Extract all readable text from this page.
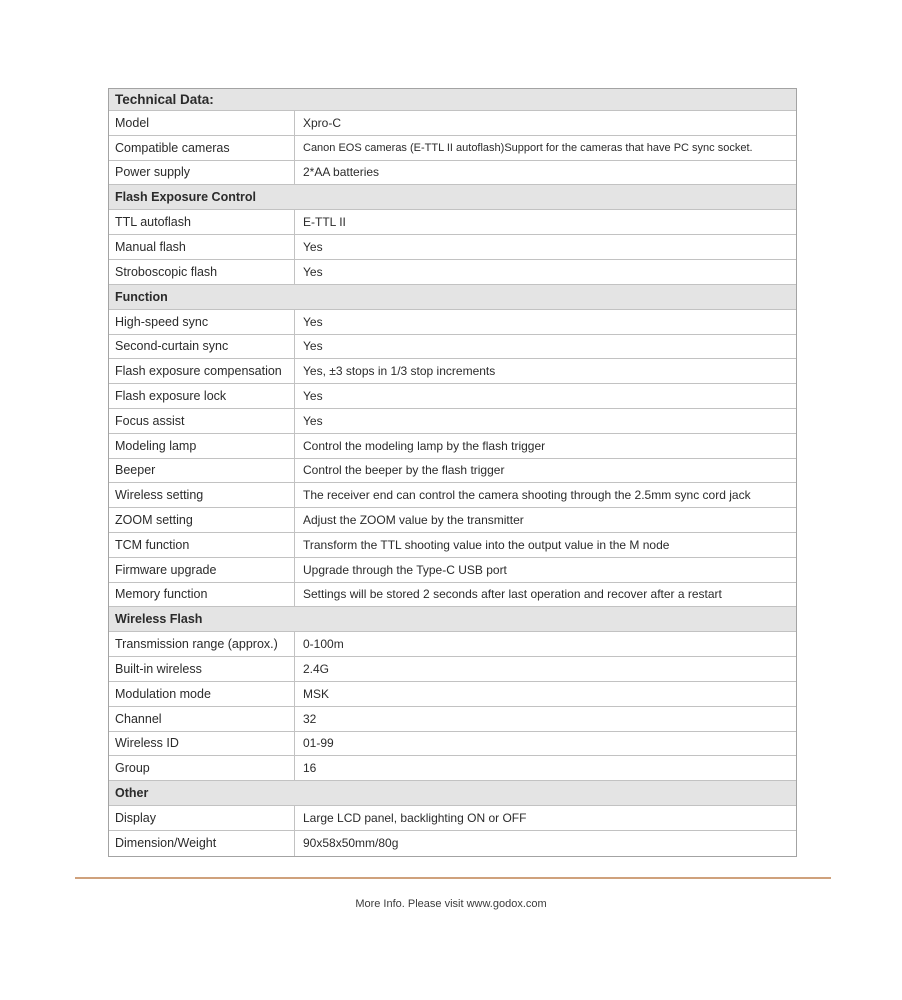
Technical Data:
Model	Xpro-C
Compatible cameras	Canon EOS cameras (E-TTL II autoflash)Support for the cameras that have PC sync socket.
Power supply	2*AA batteries
Flash Exposure Control
TTL autoflash	E-TTL II
Manual flash	Yes
Stroboscopic flash	Yes
Function
High-speed sync	Yes
Second-curtain sync	Yes
Flash exposure compensation	Yes, ±3 stops in 1/3 stop increments
Flash exposure lock	Yes
Focus assist	Yes
Modeling lamp	Control the modeling lamp by the flash trigger
Beeper	Control the beeper by the flash trigger
Wireless setting	The receiver end can control the camera shooting through the 2.5mm sync cord jack
ZOOM setting	Adjust the ZOOM value by the transmitter
TCM function	Transform the TTL shooting value into the output value in the M node
Firmware upgrade	Upgrade through the Type-C USB port
Memory function	Settings will be stored 2 seconds after last operation and recover after a restart
Wireless Flash
Transmission range (approx.)	0-100m
Built-in wireless	2.4G
Modulation mode	MSK
Channel	32
Wireless ID	01-99
Group	16
Other
Display	Large LCD panel, backlighting ON or OFF
Dimension/Weight	90x58x50mm/80g
More Info. Please visit www.godox.com
